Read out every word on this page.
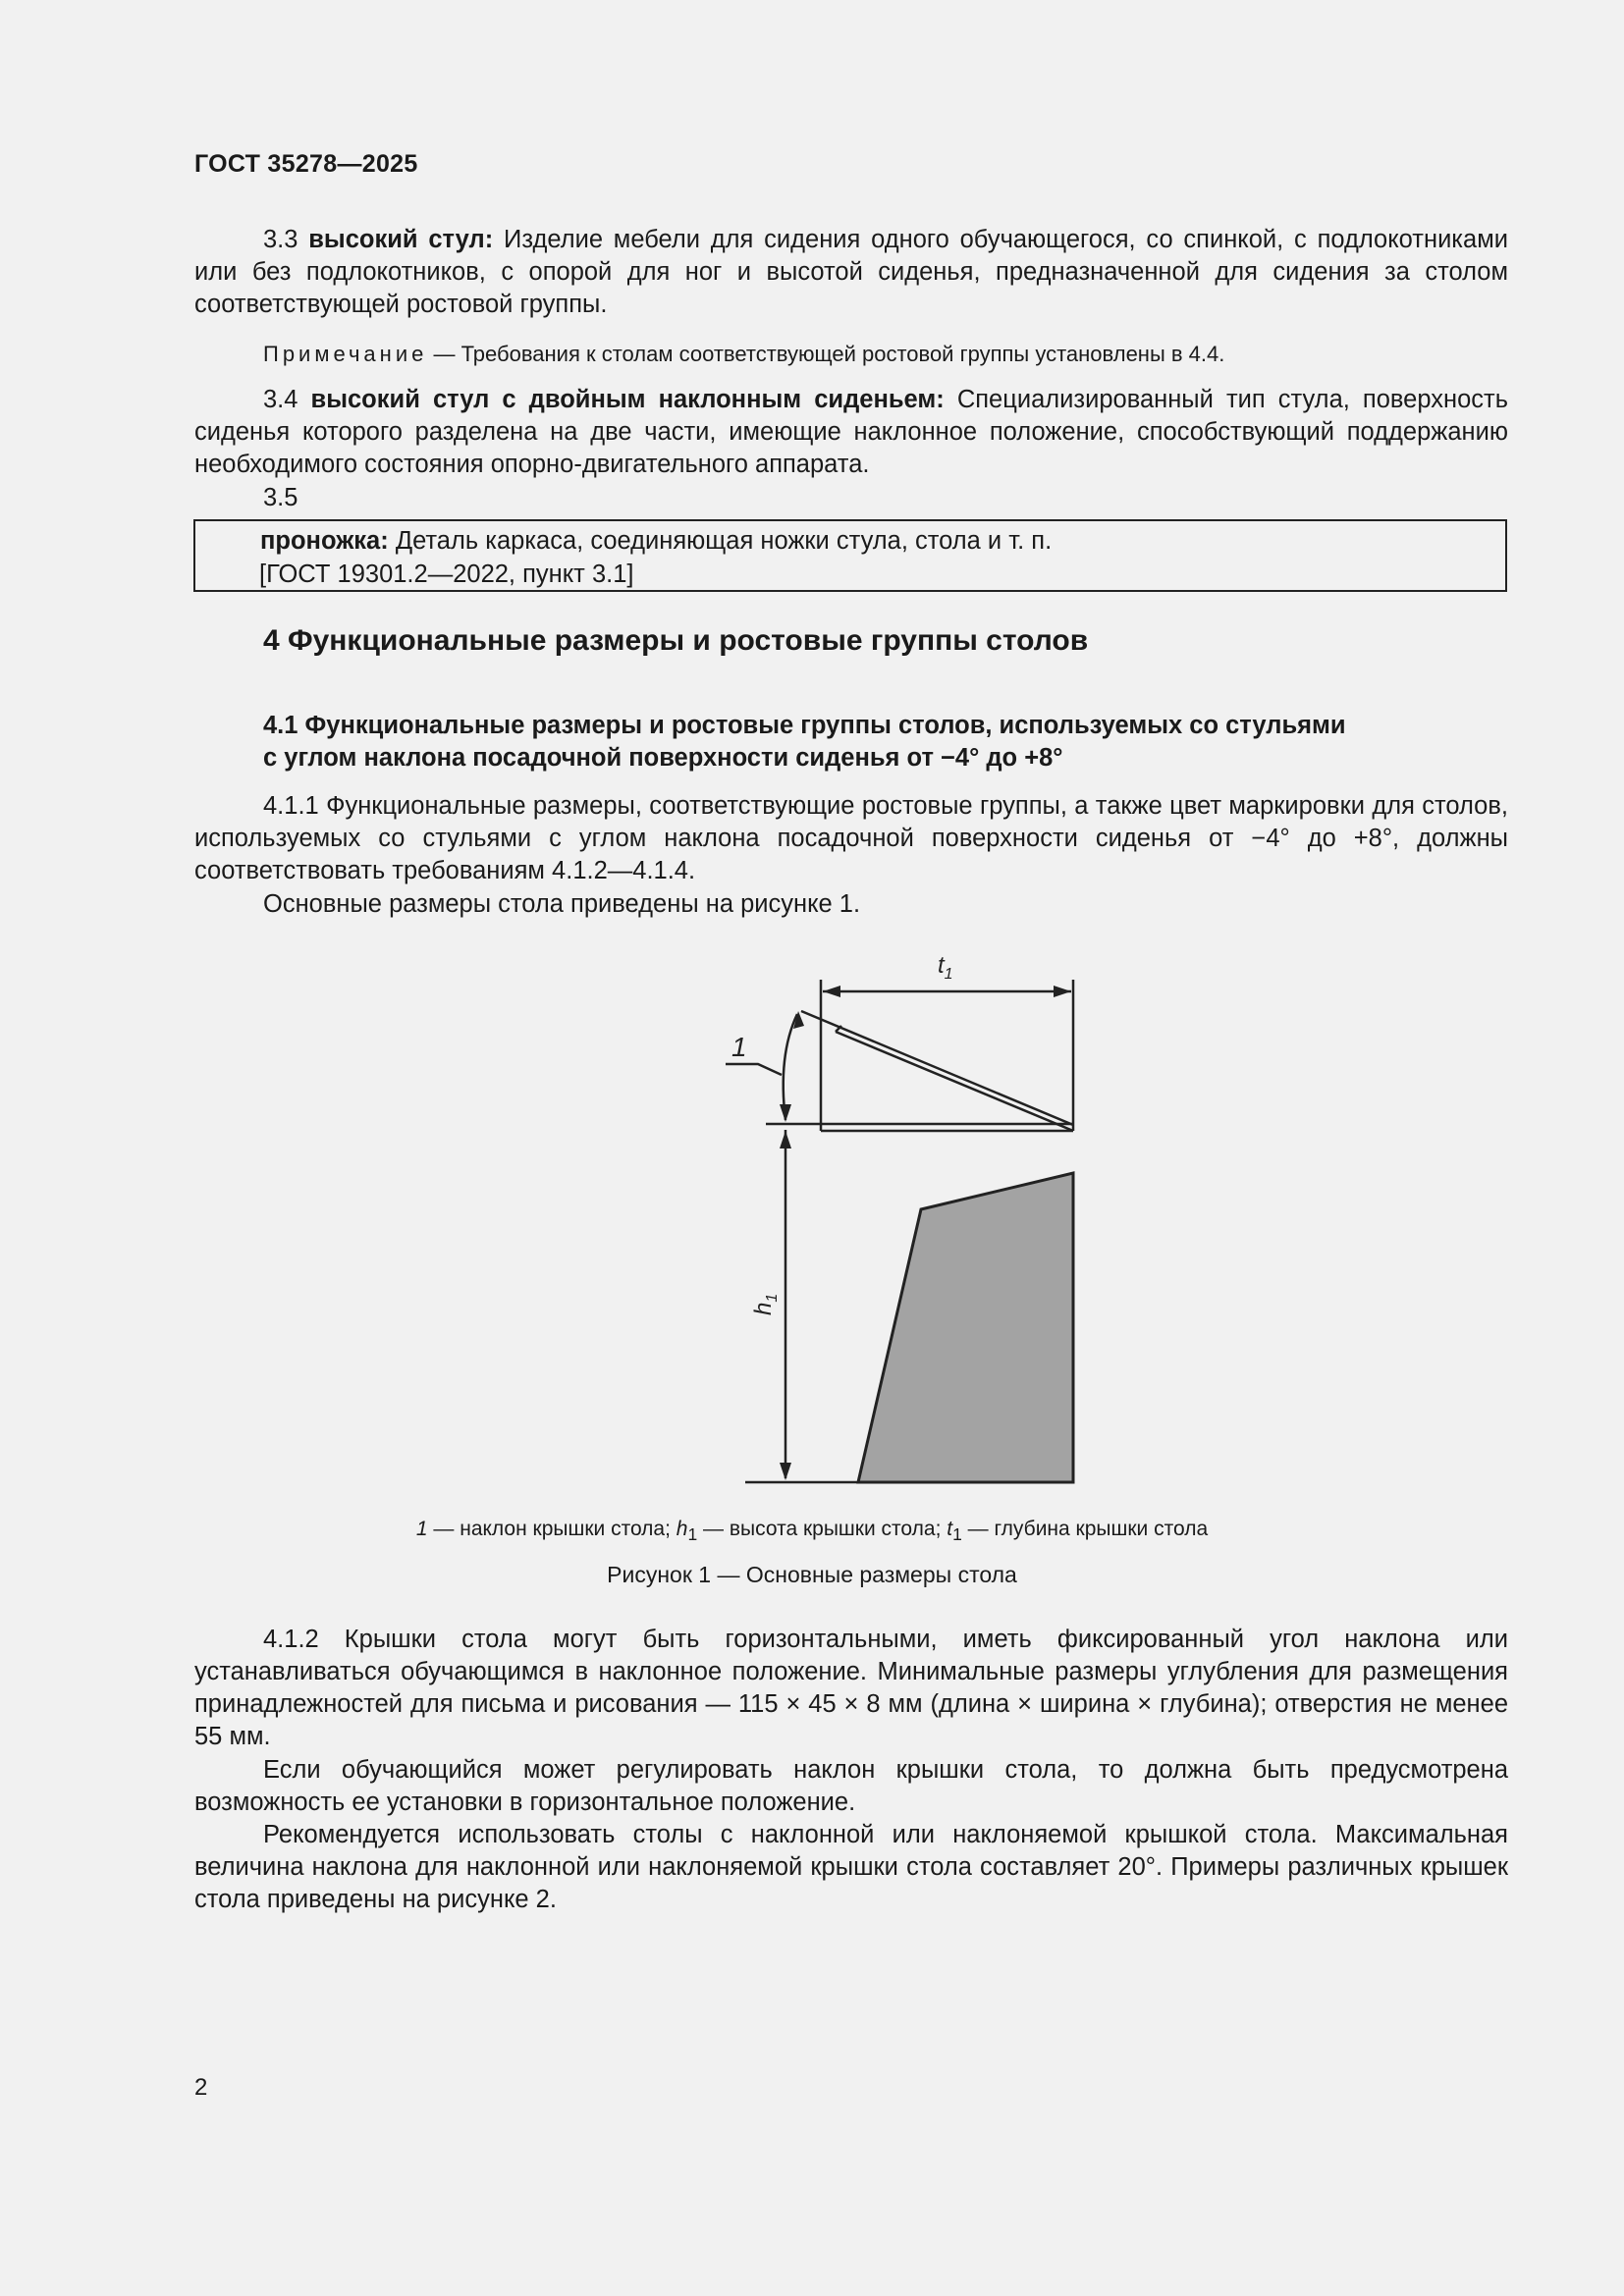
ГОСТ 35278—2025

3.3 высокий стул: Изделие мебели для сидения одного обучающегося, со спинкой, с подлокотниками или без подлокотников, с опорой для ног и высотой сиденья, предназначенной для сидения за столом соответствующей ростовой группы.

Примечание — Требования к столам соответствующей ростовой группы установлены в 4.4.

3.4 высокий стул с двойным наклонным сиденьем: Специализированный тип стула, поверхность сиденья которого разделена на две части, имеющие наклонное положение, способствующий поддержанию необходимого состояния опорно-двигательного аппарата.

3.5
проножка: Деталь каркаса, соединяющая ножки стула, стола и т. п.
[ГОСТ 19301.2—2022, пункт 3.1]
4 Функциональные размеры и ростовые группы столов
4.1 Функциональные размеры и ростовые группы столов, используемых со стульями
с углом наклона посадочной поверхности сиденья от −4° до +8°

4.1.1 Функциональные размеры, соответствующие ростовые группы, а также цвет маркировки для столов, используемых со стульями с углом наклона посадочной поверхности сиденья от −4° до +8°, должны соответствовать требованиям 4.1.2—4.1.4.

Основные размеры стола приведены на рисунке 1.

$t_1$
1
$h_1$
1 — наклон крышки стола; $h_1$ — высота крышки стола; $t_1$ — глубина крышки стола
Рисунок 1 — Основные размеры стола

4.1.2 Крышки стола могут быть горизонтальными, иметь фиксированный угол наклона или устанавливаться обучающимся в наклонное положение. Минимальные размеры углубления для размещения принадлежностей для письма и рисования — 115 × 45 × 8 мм (длина × ширина × глубина); отверстия не менее 55 мм.

Если обучающийся может регулировать наклон крышки стола, то должна быть предусмотрена возможность ее установки в горизонтальное положение.

Рекомендуется использовать столы с наклонной или наклоняемой крышкой стола. Максимальная величина наклона для наклонной или наклоняемой крышки стола составляет 20°. Примеры различных крышек стола приведены на рисунке 2.

2
